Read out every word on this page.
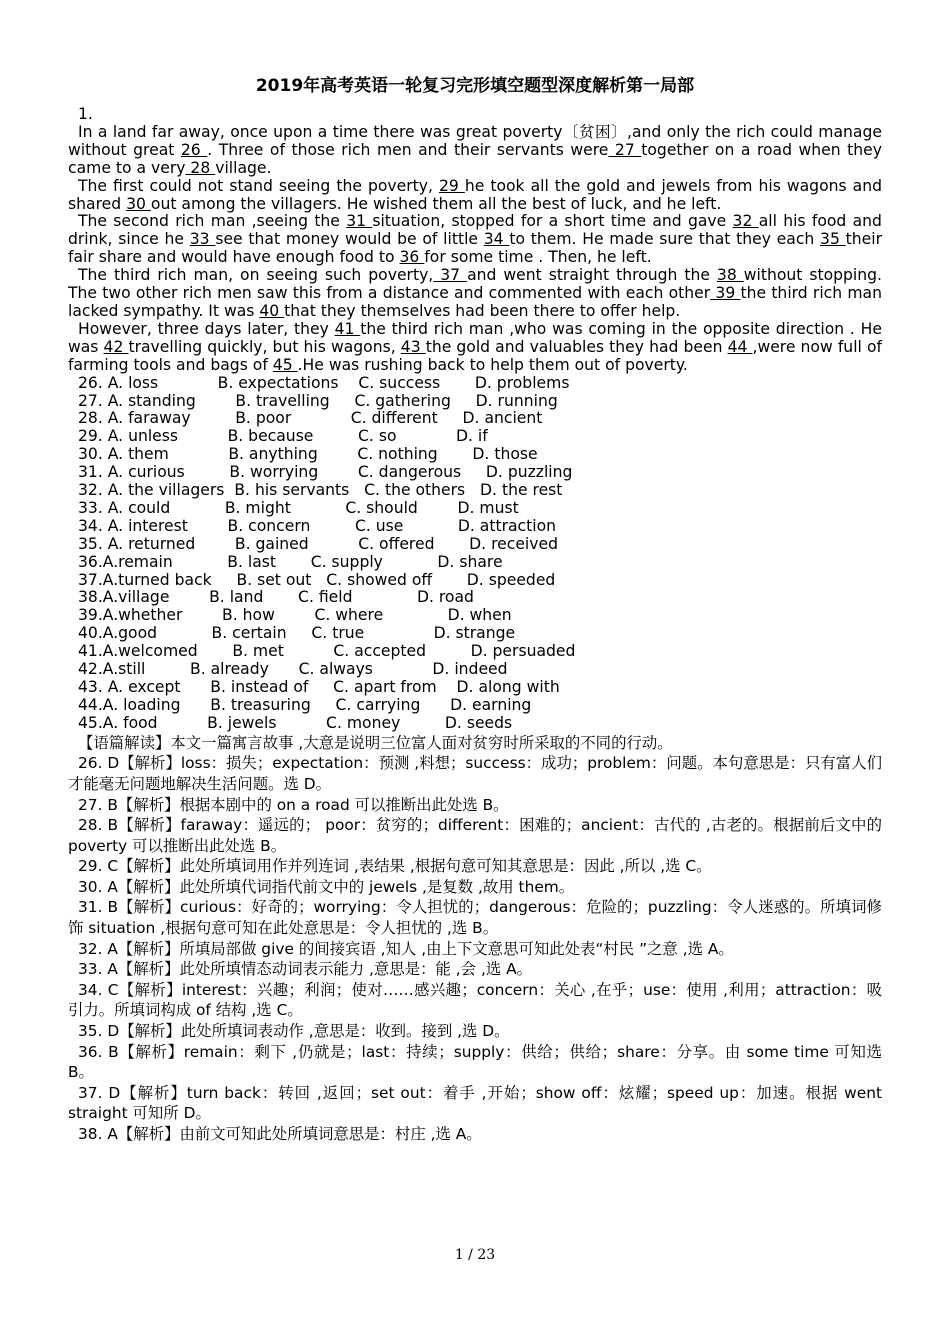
2019年高考英语一轮复习完形填空题型深度解析第一局部

1.

In a land far away, once upon a time there was great poverty〔贫困〕,and only the rich could manage without great 26 . Three of those rich men and their servants were 27 together on a road when they came to a very 28 village.

The first could not stand seeing the poverty, 29 he took all the gold and jewels from his wagons and shared 30 out among the villagers. He wished them all the best of luck, and he left.

The second rich man ,seeing the 31 situation, stopped for a short time and gave 32 all his food and drink, since he 33 see that money would be of little 34 to them. He made sure that they each 35 their fair share and would have enough food to 36 for some time . Then, he left.

The third rich man, on seeing such poverty, 37 and went straight through the 38 without stopping. The two other rich men saw this from a distance and commented with each other 39 the third rich man lacked sympathy. It was 40 that they themselves had been there to offer help.

However, three days later, they 41 the third rich man ,who was coming in the opposite direction . He was 42 travelling quickly, but his wagons, 43 the gold and valuables they had been 44 ,were now full of farming tools and bags of 45 .He was rushing back to help them out of poverty.

26. A. loss            B. expectations    C. success       D. problems

27. A. standing        B. travelling     C. gathering     D. running

28. A. faraway         B. poor            C. different     D. ancient

29. A. unless          B. because         C. so            D. if

30. A. them            B. anything        C. nothing       D. those

31. A. curious         B. worrying        C. dangerous     D. puzzling

32. A. the villagers  B. his servants   C. the others   D. the rest

33. A. could           B. might           C. should        D. must

34. A. interest        B. concern         C. use           D. attraction

35. A. returned        B. gained          C. offered       D. received

36.A.remain           B. last       C. supply           D. share

37.A.turned back     B. set out   C. showed off       D. speeded

38.A.village        B. land       C. field             D. road

39.A.whether        B. how        C. where             D. when

40.A.good           B. certain     C. true              D. strange

41.A.welcomed       B. met          C. accepted         D. persuaded

42.A.still         B. already      C. always            D. indeed

43. A. except      B. instead of     C. apart from    D. along with

44.A. loading      B. treasuring     C. carrying      D. earning

45.A. food          B. jewels          C. money         D. seeds

【语篇解读】本文一篇寓言故事 ,大意是说明三位富人面对贫穷时所采取的不同的行动。

26. D【解析】loss：损失；expectation：预测 ,料想；success：成功；problem：问题。本句意思是：只有富人们才能毫无问题地解决生活问题。选 D。

27. B【解析】根据本剧中的 on a road 可以推断出此处选 B。

28. B【解析】faraway：遥远的； poor：贫穷的；different：困难的；ancient：古代的 ,古老的。根据前后文中的 poverty 可以推断出此处选 B。

29. C【解析】此处所填词用作并列连词 ,表结果 ,根据句意可知其意思是：因此 ,所以 ,选 C。

30. A【解析】此处所填代词指代前文中的 jewels ,是复数 ,故用 them。

31. B【解析】curious：好奇的；worrying：令人担忧的；dangerous：危险的；puzzling：令人迷惑的。所填词修饰 situation ,根据句意可知在此处意思是：令人担忧的 ,选 B。

32. A【解析】所填局部做 give 的间接宾语 ,知人 ,由上下文意思可知此处表“村民 ”之意 ,选 A。

33. A【解析】此处所填情态动词表示能力 ,意思是：能 ,会 ,选 A。

34. C【解析】interest：兴趣；利润；使对……感兴趣；concern：关心 ,在乎；use：使用 ,利用；attraction：吸引力。所填词构成 of 结构 ,选 C。

35. D【解析】此处所填词表动作 ,意思是：收到。接到 ,选 D。

36. B【解析】remain：剩下 ,仍就是；last：持续；supply：供给；供给；share：分享。由 some time 可知选 B。

37. D【解析】turn back：转回 ,返回；set out：着手 ,开始；show off：炫耀；speed up：加速。根据 went straight 可知所 D。

38. A【解析】由前文可知此处所填词意思是：村庄 ,选 A。

1 / 23
